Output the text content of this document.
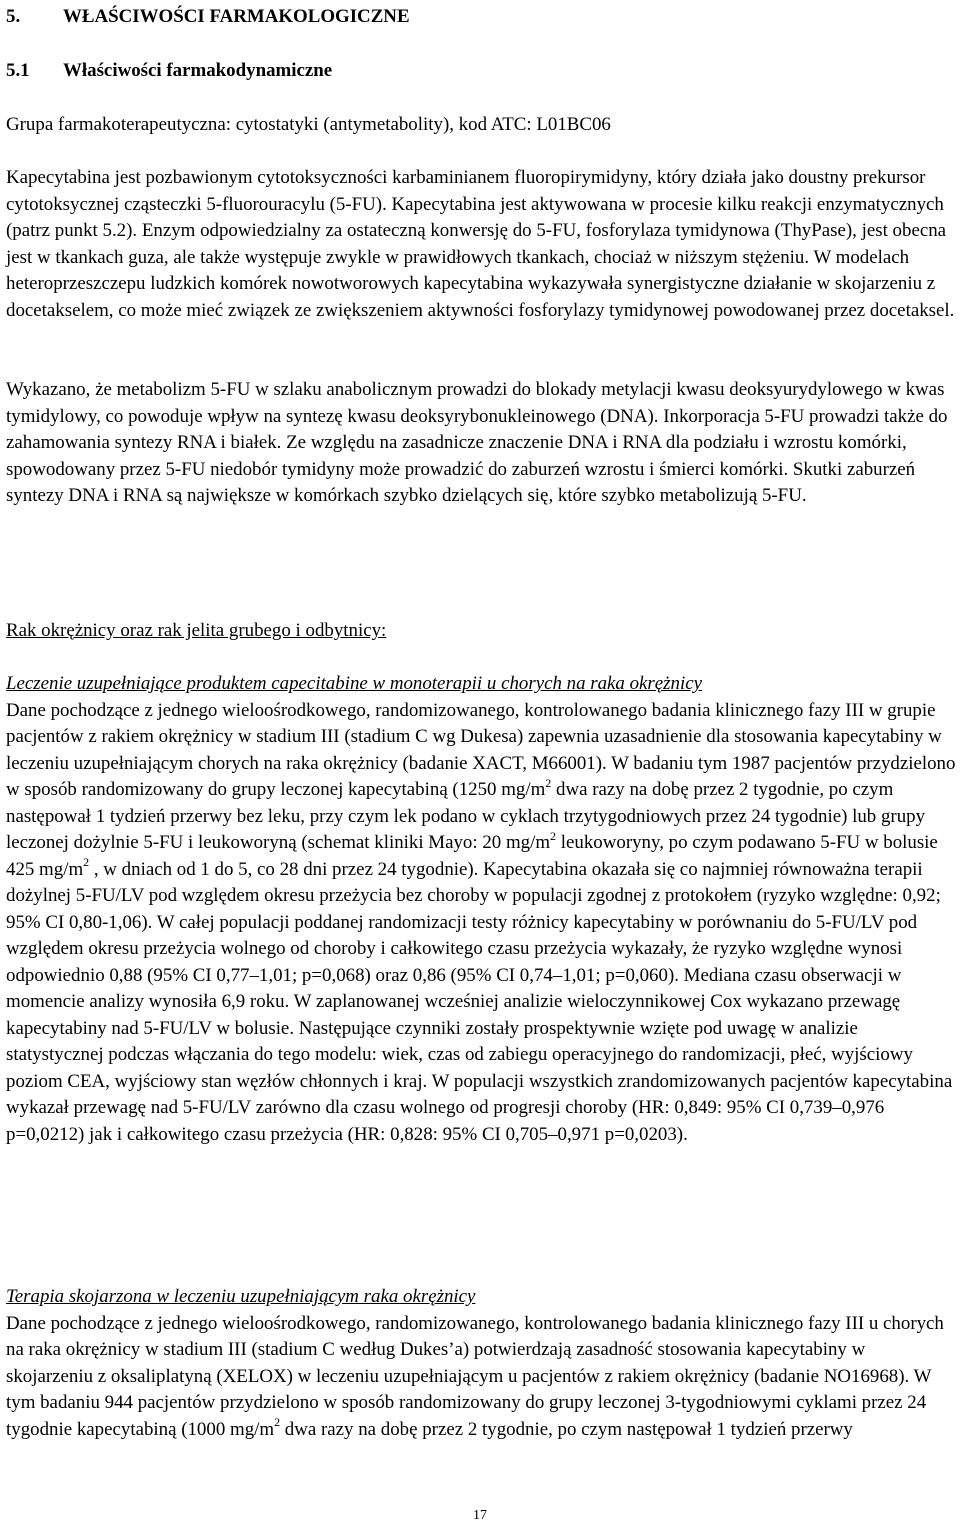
5. WŁAŚCIWOŚCI FARMAKOLOGICZNE
5.1 Właściwości farmakodynamiczne

Grupa farmakoterapeutyczna: cytostatyki (antymetabolity), kod ATC: L01BC06

Kapecytabina jest pozbawionym cytotoksyczności karbaminianem fluoropirymidyny, który działa jako doustny prekursor cytotoksycznej cząsteczki 5-fluorouracylu (5-FU). Kapecytabina jest aktywowana w procesie kilku reakcji enzymatycznych (patrz punkt 5.2). Enzym odpowiedzialny za ostateczną konwersję do 5-FU, fosforylaza tymidynowa (ThyPase), jest obecna jest w tkankach guza, ale także występuje zwykle w prawidłowych tkankach, chociaż w niższym stężeniu. W modelach heteroprzeszczepu ludzkich komórek nowotworowych kapecytabina wykazywała synergistyczne działanie w skojarzeniu z docetakselem, co może mieć związek ze zwiększeniem aktywności fosforylazy tymidynowej powodowanej przez docetaksel.

Wykazano, że metabolizm 5-FU w szlaku anabolicznym prowadzi do blokady metylacji kwasu deoksyurydylowego w kwas tymidylowy, co powoduje wpływ na syntezę kwasu deoksyrybonukleinowego (DNA). Inkorporacja 5-FU prowadzi także do zahamowania syntezy RNA i białek. Ze względu na zasadnicze znaczenie DNA i RNA dla podziału i wzrostu komórki, spowodowany przez 5-FU niedobór tymidyny może prowadzić do zaburzeń wzrostu i śmierci komórki. Skutki zaburzeń syntezy DNA i RNA są największe w komórkach szybko dzielących się, które szybko metabolizują 5-FU.

Rak okrężnicy oraz rak jelita grubego i odbytnicy:
Leczenie uzupełniające produktem capecitabine w monoterapii u chorych na raka okrężnicy

Dane pochodzące z jednego wieloośrodkowego, randomizowanego, kontrolowanego badania klinicznego fazy III w grupie pacjentów z rakiem okrężnicy w stadium III (stadium C wg Dukesa) zapewnia uzasadnienie dla stosowania kapecytabiny w leczeniu uzupełniającym chorych na raka okrężnicy (badanie XACT, M66001). W badaniu tym 1987 pacjentów przydzielono w sposób randomizowany do grupy leczonej kapecytabiną (1250 $mg/m^2$ dwa razy na dobę przez 2 tygodnie, po czym następował 1 tydzień przerwy bez leku, przy czym lek podano w cyklach trzytygodniowych przez 24 tygodnie) lub grupy leczonej dożylnie 5-FU i leukoworyną (schemat kliniki Mayo: 20 $mg/m^2$ leukoworyny, po czym podawano 5-FU w bolusie 425 $mg/m^2$ , w dniach od 1 do 5, co 28 dni przez 24 tygodnie). Kapecytabina okazała się co najmniej równoważna terapii dożylnej 5-FU/LV pod względem okresu przeżycia bez choroby w populacji zgodnej z protokołem (ryzyko względne: 0,92; 95% CI 0,80-1,06). W całej populacji poddanej randomizacji testy różnicy kapecytabiny w porównaniu do 5-FU/LV pod względem okresu przeżycia wolnego od choroby i całkowitego czasu przeżycia wykazały, że ryzyko względne wynosi odpowiednio 0,88 (95% CI 0,77–1,01; p=0,068) oraz 0,86 (95% CI 0,74–1,01; p=0,060). Mediana czasu obserwacji w momencie analizy wynosiła 6,9 roku. W zaplanowanej wcześniej analizie wieloczynnikowej Cox wykazano przewagę kapecytabiny nad 5-FU/LV w bolusie. Następujące czynniki zostały prospektywnie wzięte pod uwagę w analizie statystycznej podczas włączania do tego modelu: wiek, czas od zabiegu operacyjnego do randomizacji, płeć, wyjściowy poziom CEA, wyjściowy stan węzłów chłonnych i kraj. W populacji wszystkich zrandomizowanych pacjentów kapecytabina wykazał przewagę nad 5-FU/LV zarówno dla czasu wolnego od progresji choroby (HR: 0,849: 95% CI 0,739–0,976 p=0,0212) jak i całkowitego czasu przeżycia (HR: 0,828: 95% CI 0,705–0,971 p=0,0203).

Terapia skojarzona w leczeniu uzupełniającym raka okrężnicy

Dane pochodzące z jednego wieloośrodkowego, randomizowanego, kontrolowanego badania klinicznego fazy III u chorych na raka okrężnicy w stadium III (stadium C według Dukes’a) potwierdzają zasadność stosowania kapecytabiny w skojarzeniu z oksaliplatyną (XELOX) w leczeniu uzupełniającym u pacjentów z rakiem okrężnicy (badanie NO16968). W tym badaniu 944 pacjentów przydzielono w sposób randomizowany do grupy leczonej 3-tygodniowymi cyklami przez 24 tygodnie kapecytabiną (1000 $mg/m^2$ dwa razy na dobę przez 2 tygodnie, po czym następował 1 tydzień przerwy

17
